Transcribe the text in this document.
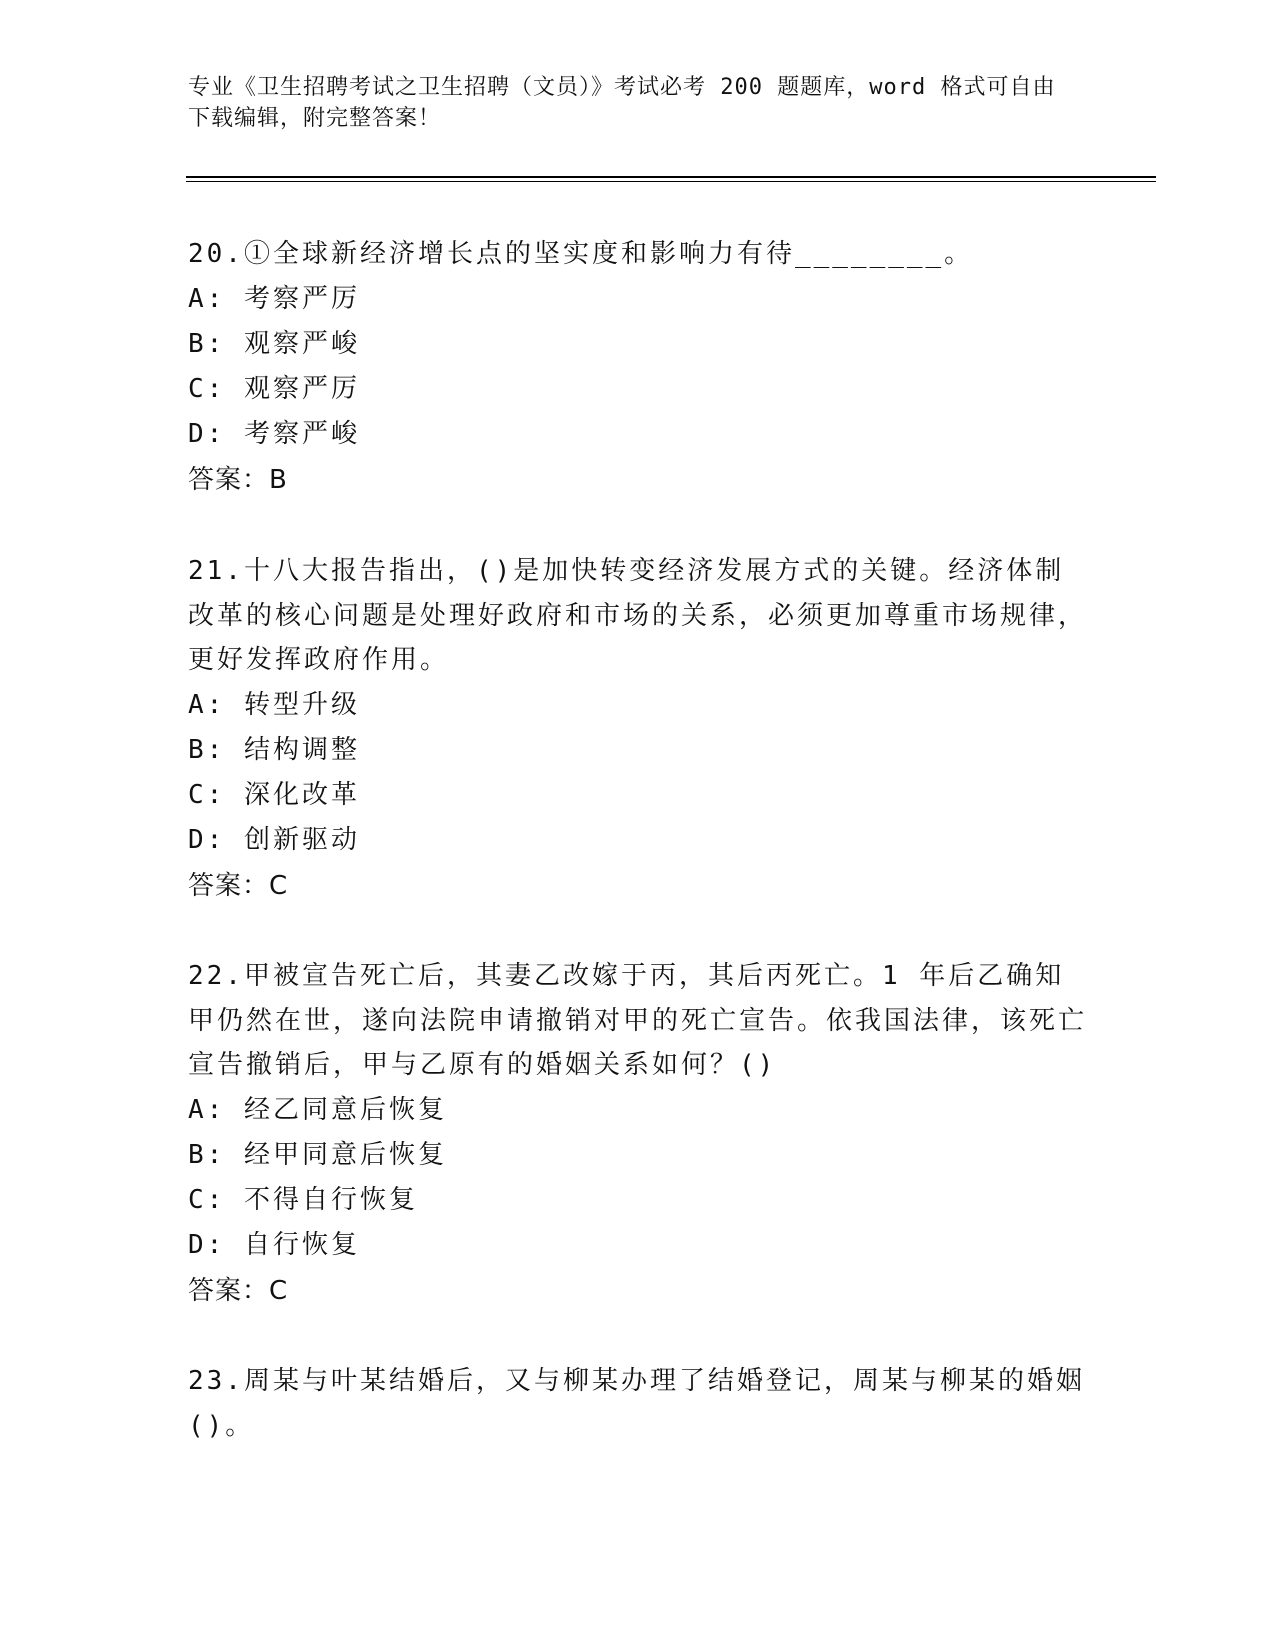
专业《卫生招聘考试之卫生招聘（文员）》考试必考 200 题题库，word 格式可自由下载编辑，附完整答案！

20.①全球新经济增长点的坚实度和影响力有待________。

A: 考察严厉

B: 观察严峻

C: 观察严厉

D: 考察严峻

答案：B

21.十八大报告指出，()是加快转变经济发展方式的关键。经济体制改革的核心问题是处理好政府和市场的关系，必须更加尊重市场规律，更好发挥政府作用。

A: 转型升级

B: 结构调整

C: 深化改革

D: 创新驱动

答案：C

22.甲被宣告死亡后，其妻乙改嫁于丙，其后丙死亡。1 年后乙确知甲仍然在世，遂向法院申请撤销对甲的死亡宣告。依我国法律，该死亡宣告撤销后，甲与乙原有的婚姻关系如何？()

A: 经乙同意后恢复

B: 经甲同意后恢复

C: 不得自行恢复

D: 自行恢复

答案：C

23.周某与叶某结婚后，又与柳某办理了结婚登记，周某与柳某的婚姻()。
